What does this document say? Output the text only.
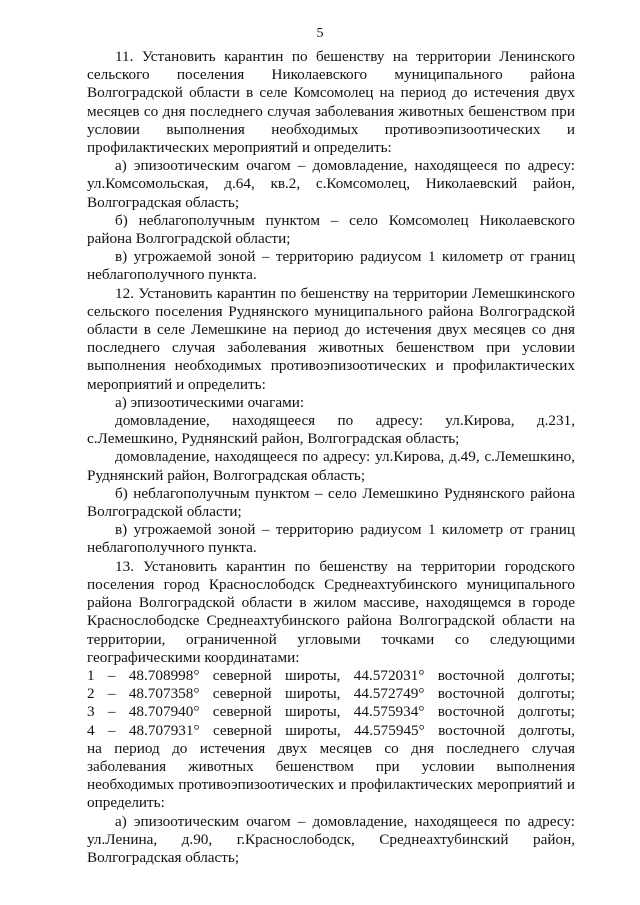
5

11. Установить карантин по бешенству на территории Ленинского сельского поселения Николаевского муниципального района Волгоградской области в селе Комсомолец на период до истечения двух месяцев со дня последнего случая заболевания животных бешенством при условии выполнения необходимых противоэпизоотических и профилактических мероприятий и определить:

а) эпизоотическим очагом – домовладение, находящееся по адресу: ул.Комсомольская, д.64, кв.2, с.Комсомолец, Николаевский район, Волгоградская область;

б) неблагополучным пунктом – село Комсомолец Николаевского района Волгоградской области;

в) угрожаемой зоной – территорию радиусом 1 километр от границ неблагополучного пункта.

12. Установить карантин по бешенству на территории Лемешкинского сельского поселения Руднянского муниципального района Волгоградской области в селе Лемешкине на период до истечения двух месяцев со дня последнего случая заболевания животных бешенством при условии выполнения необходимых противоэпизоотических и профилактических мероприятий и определить:

а) эпизоотическими очагами:

домовладение, находящееся по адресу: ул.Кирова, д.231, с.Лемешкино, Руднянский район, Волгоградская область;

домовладение, находящееся по адресу: ул.Кирова, д.49, с.Лемешкино, Руднянский район, Волгоградская область;

б) неблагополучным пунктом – село Лемешкино Руднянского района Волгоградской области;

в) угрожаемой зоной – территорию радиусом 1 километр от границ неблагополучного пункта.

13. Установить карантин по бешенству на территории городского поселения город Краснослободск Среднеахтубинского муниципального района Волгоградской области в жилом массиве, находящемся в городе Краснослободске Среднеахтубинского района Волгоградской области на территории, ограниченной угловыми точками со следующими географическими координатами:

1 – 48.708998° северной широты, 44.572031° восточной долготы;
2 – 48.707358° северной широты, 44.572749° восточной долготы;
3 – 48.707940° северной широты, 44.575934° восточной долготы;
4 – 48.707931° северной широты, 44.575945° восточной долготы,

на период до истечения двух месяцев со дня последнего случая заболевания животных бешенством при условии выполнения необходимых противоэпизоотических и профилактических мероприятий и определить:

а) эпизоотическим очагом – домовладение, находящееся по адресу: ул.Ленина, д.90, г.Краснослободск, Среднеахтубинский район, Волгоградская область;
